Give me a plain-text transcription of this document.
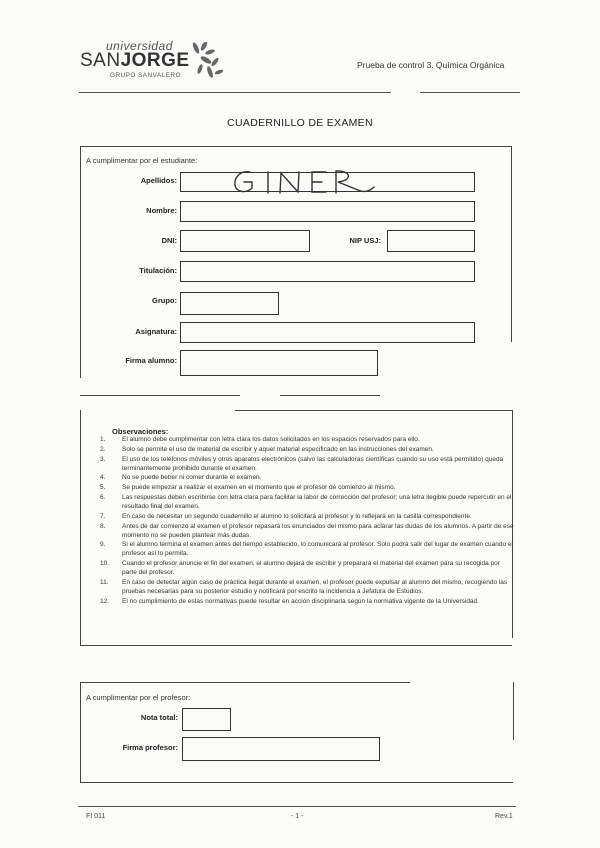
universidad
SANJORGE
GRUPO SANVALERO
Prueba de control 3. Química Orgánica
CUADERNILLO DE EXAMEN
A cumplimentar por el estudiante:
Apellidos:
Nombre:
DNI:	NIP USJ:
Titulación:
Grupo:
Asignatura:
Firma alumno:
Observaciones:
1.	El alumno debe cumplimentar con letra clara los datos solicitados en los espacios reservados para ello.
2.	Solo se permite el uso de material de escribir y aquel material especificado en las instrucciones del examen.
3.	El uso de los teléfonos móviles y otros aparatos electrónicos (salvo las calculadoras científicas cuando su uso está permitido) queda terminantemente prohibido durante el examen.
4.	No se puede beber ni comer durante el examen.
5.	Se puede empezar a realizar el examen en el momento que el profesor dé comienzo al mismo.
6.	Las respuestas deben escribirse con letra clara para facilitar la labor de corrección del profesor; una letra ilegible puede repercutir en el resultado final del examen.
7.	En caso de necesitar un segundo cuadernillo el alumno lo solicitará al profesor y lo reflejará en la casilla correspondiente.
8.	Antes de dar comienzo al examen el profesor repasará los enunciados del mismo para aclarar las dudas de los alumnos. A partir de ese momento no se pueden plantear más dudas.
9.	Si el alumno termina el examen antes del tiempo establecido, lo comunicará al profesor. Solo podrá salir del lugar de examen cuando el profesor así lo permita.
10.	Cuando el profesor anuncie el fin del examen, el alumno dejará de escribir y preparará el material del examen para su recogida por parte del profesor.
11.	En caso de detectar algún caso de práctica ilegal durante el examen, el profesor puede expulsar al alumno del mismo, recogiendo las pruebas necesarias para su posterior estudio y notificará por escrito la incidencia a Jefatura de Estudios.
12.	El no cumplimiento de estas normativas puede resultar en acción disciplinaria según la normativa vigente de la Universidad.
A cumplimentar por el profesor:
Nota total:
Firma profesor:
FI 011	- 1 -	Rev.1
